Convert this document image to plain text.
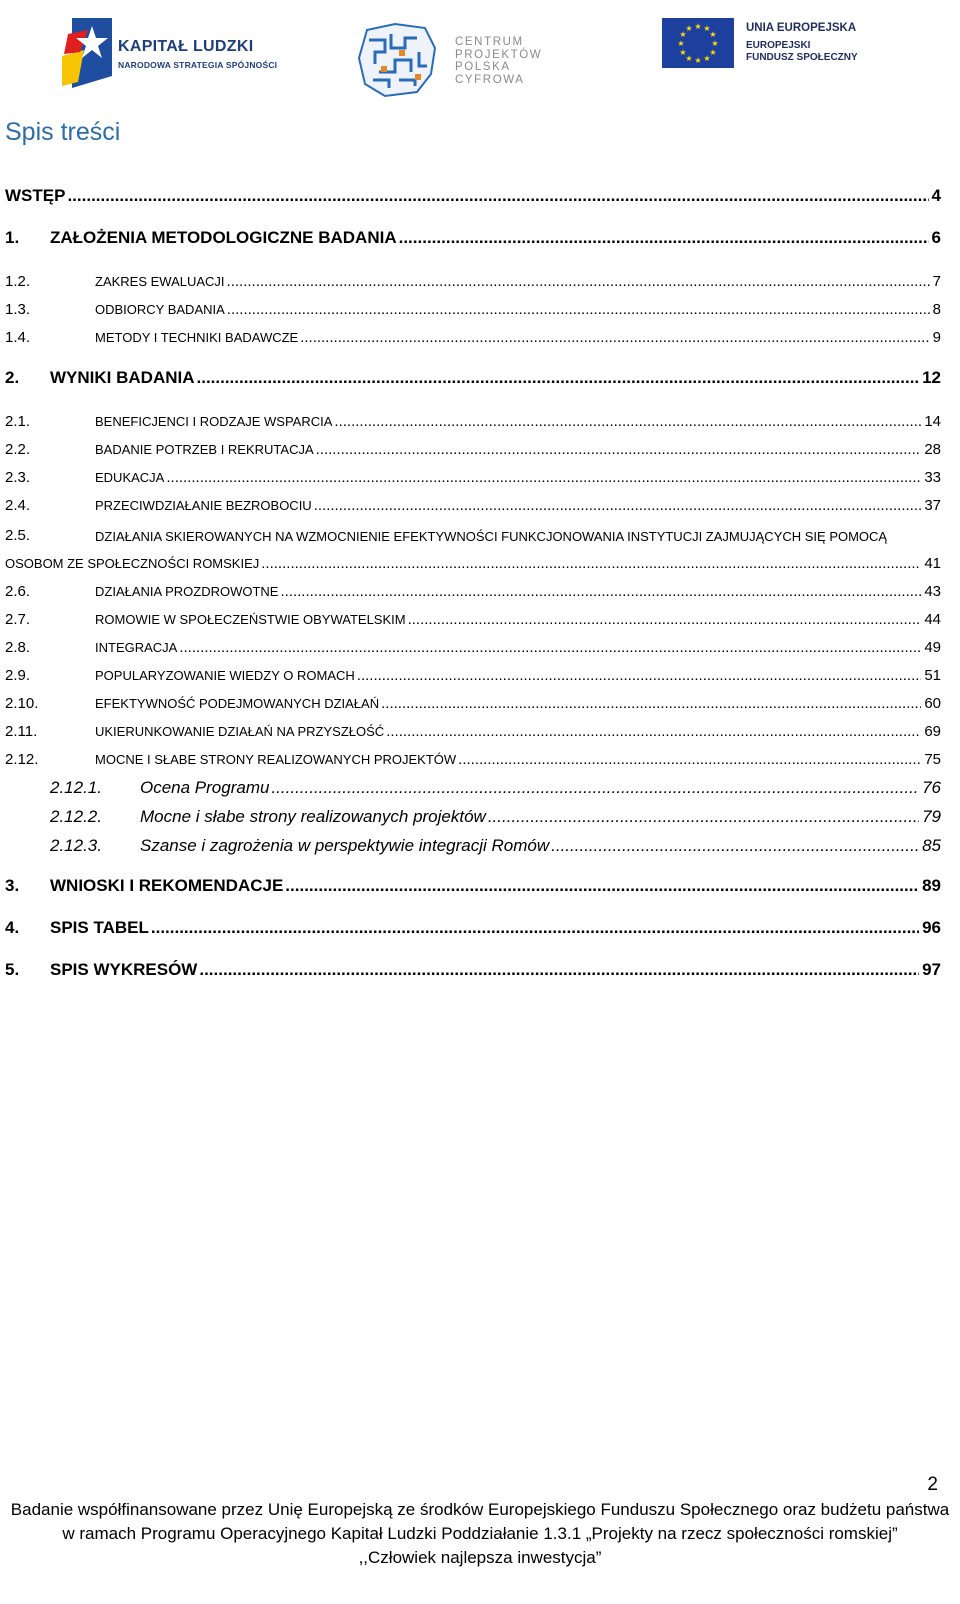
KAPITAŁ LUDZKI
NARODOWA STRATEGIA SPÓJNOŚCI
CENTRUM
PROJEKTÓW
POLSKA
CYFROWA
★ ★
★
★
★
★
★
★
★
★
★
★	UNIA EUROPEJSKA
EUROPEJSKI
FUNDUSZ SPOŁECZNY
Spis treści
WSTĘP .....	4
1. ZAŁOŻENIA METODOLOGICZNE BADANIA .....	6
1.2.	ZAKRES EWALUACJI .....	7
1.3.	ODBIORCY BADANIA .....	8
1.4.	METODY I TECHNIKI BADAWCZE .....	9
2. WYNIKI BADANIA .....	12
2.1.	BENEFICJENCI I RODZAJE WSPARCIA .....	14
2.2.	BADANIE POTRZEB I REKRUTACJA .....	28
2.3.	EDUKACJA .....	33
2.4.	PRZECIWDZIAŁANIE BEZROBOCIU .....	37
2.5.	DZIAŁANIA SKIEROWANYCH NA WZMOCNIENIE EFEKTYWNOŚCI FUNKCJONOWANIA INSTYTUCJI ZAJMUJĄCYCH SIĘ POMOCĄ
OSOBOM ZE SPOŁECZNOŚCI ROMSKIEJ .....	41
2.6.	DZIAŁANIA PROZDROWOTNE .....	43
2.7.	ROMOWIE W SPOŁECZEŃSTWIE OBYWATELSKIM .....	44
2.8.	INTEGRACJA .....	49
2.9.	POPULARYZOWANIE WIEDZY O ROMACH .....	51
2.10.	EFEKTYWNOŚĆ PODEJMOWANYCH DZIAŁAŃ .....	60
2.11.	UKIERUNKOWANIE DZIAŁAŃ NA PRZYSZŁOŚĆ .....	69
2.12.	MOCNE I SŁABE STRONY REALIZOWANYCH PROJEKTÓW .....	75
2.12.1. Ocena Programu .....	76
2.12.2. Mocne i słabe strony realizowanych projektów .....	79
2.12.3. Szanse i zagrożenia w perspektywie integracji Romów .....	85
3. WNIOSKI I REKOMENDACJE .....	89
4. SPIS TABEL .....	96
5. SPIS WYKRESÓW .....	97
2
Badanie współfinansowane przez Unię Europejską ze środków Europejskiego Funduszu Społecznego oraz budżetu państwa
w ramach Programu Operacyjnego Kapitał Ludzki Poddziałanie 1.3.1 „Projekty na rzecz społeczności romskiej”
,,Człowiek najlepsza inwestycja”
